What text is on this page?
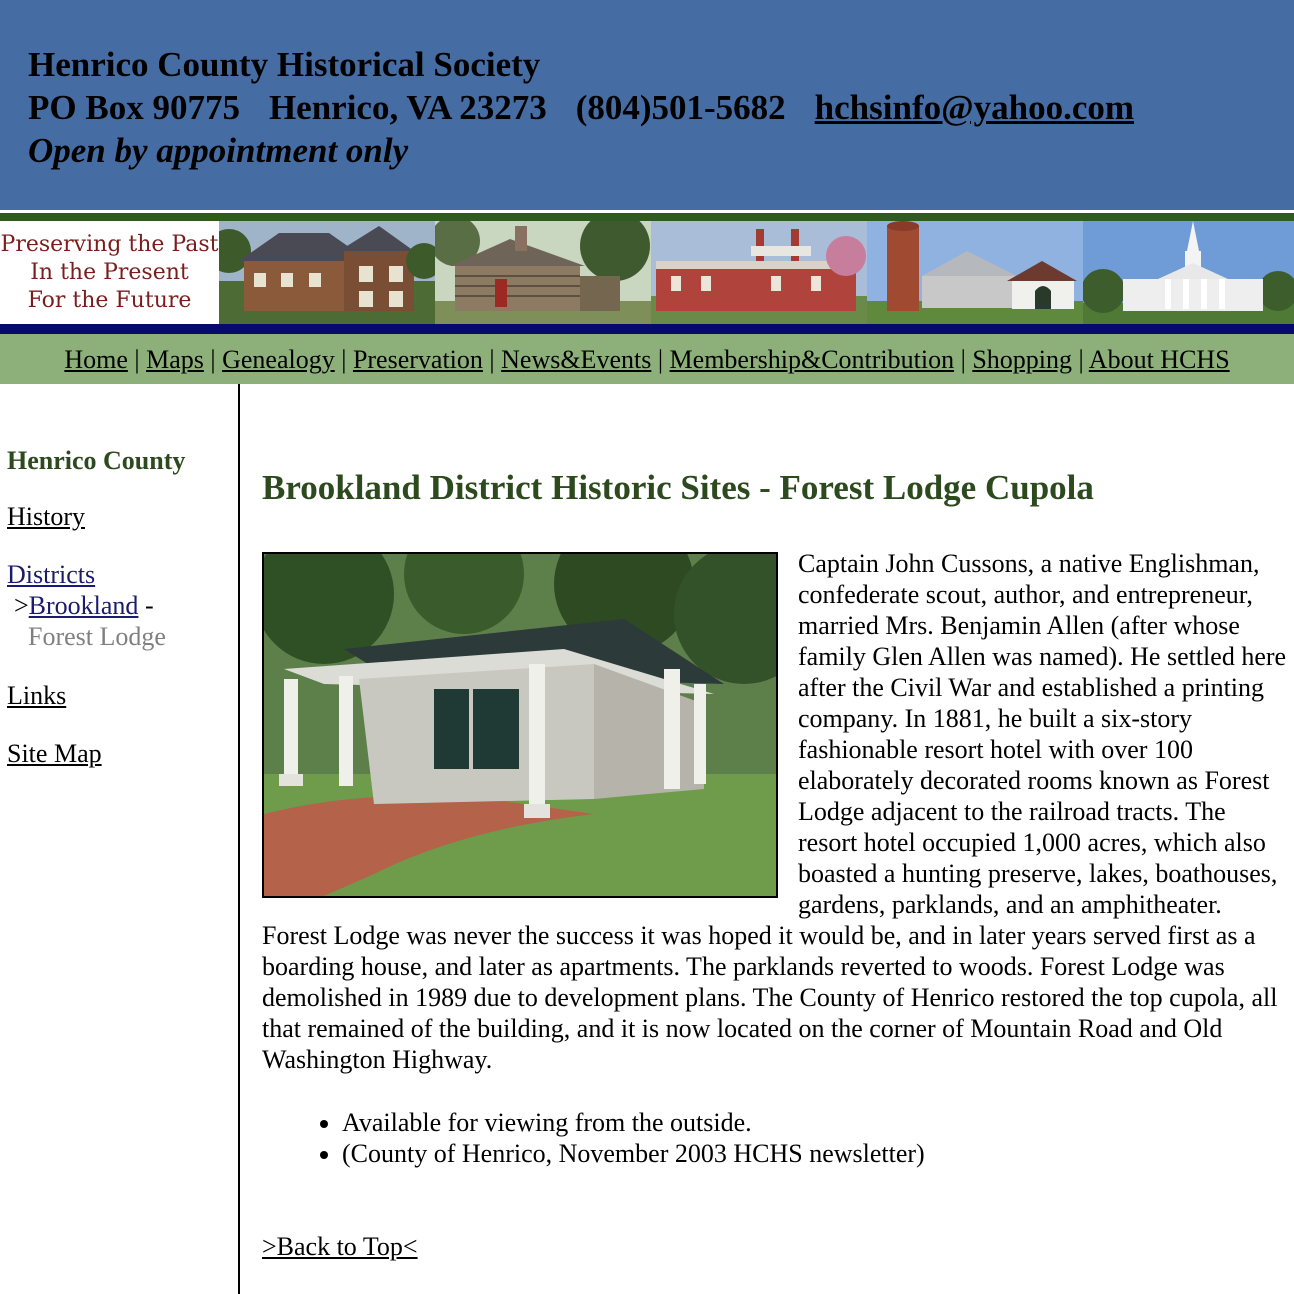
Henrico County Historical Society
PO Box 90775 Henrico, VA 23273 (804)501-5682 hchsinfo@yahoo.com
Open by appointment only
Preserving the Past
In the Present
For the Future
Home | Maps | Genealogy | Preservation | News&Events | Membership&Contribution | Shopping | About HCHS
Henrico County
History
Districts
>Brookland -
Forest Lodge
Links
Site Map
Brookland District Historic Sites - Forest Lodge Cupola

Captain John Cussons, a native Englishman, confederate scout, author, and entrepreneur, married Mrs. Benjamin Allen (after whose family Glen Allen was named). He settled here after the Civil War and established a printing company. In 1881, he built a six-story fashionable resort hotel with over 100 elaborately decorated rooms known as Forest Lodge adjacent to the railroad tracts. The resort hotel occupied 1,000 acres, which also boasted a hunting preserve, lakes, boathouses, gardens, parklands, and an amphitheater. Forest Lodge was never the success it was hoped it would be, and in later years served first as a boarding house, and later as apartments. The parklands reverted to woods. Forest Lodge was demolished in 1989 due to development plans. The County of Henrico restored the top cupola, all that remained of the building, and it is now located on the corner of Mountain Road and Old Washington Highway.

• Available for viewing from the outside.
• (County of Henrico, November 2003 HCHS newsletter)
>Back to Top<
